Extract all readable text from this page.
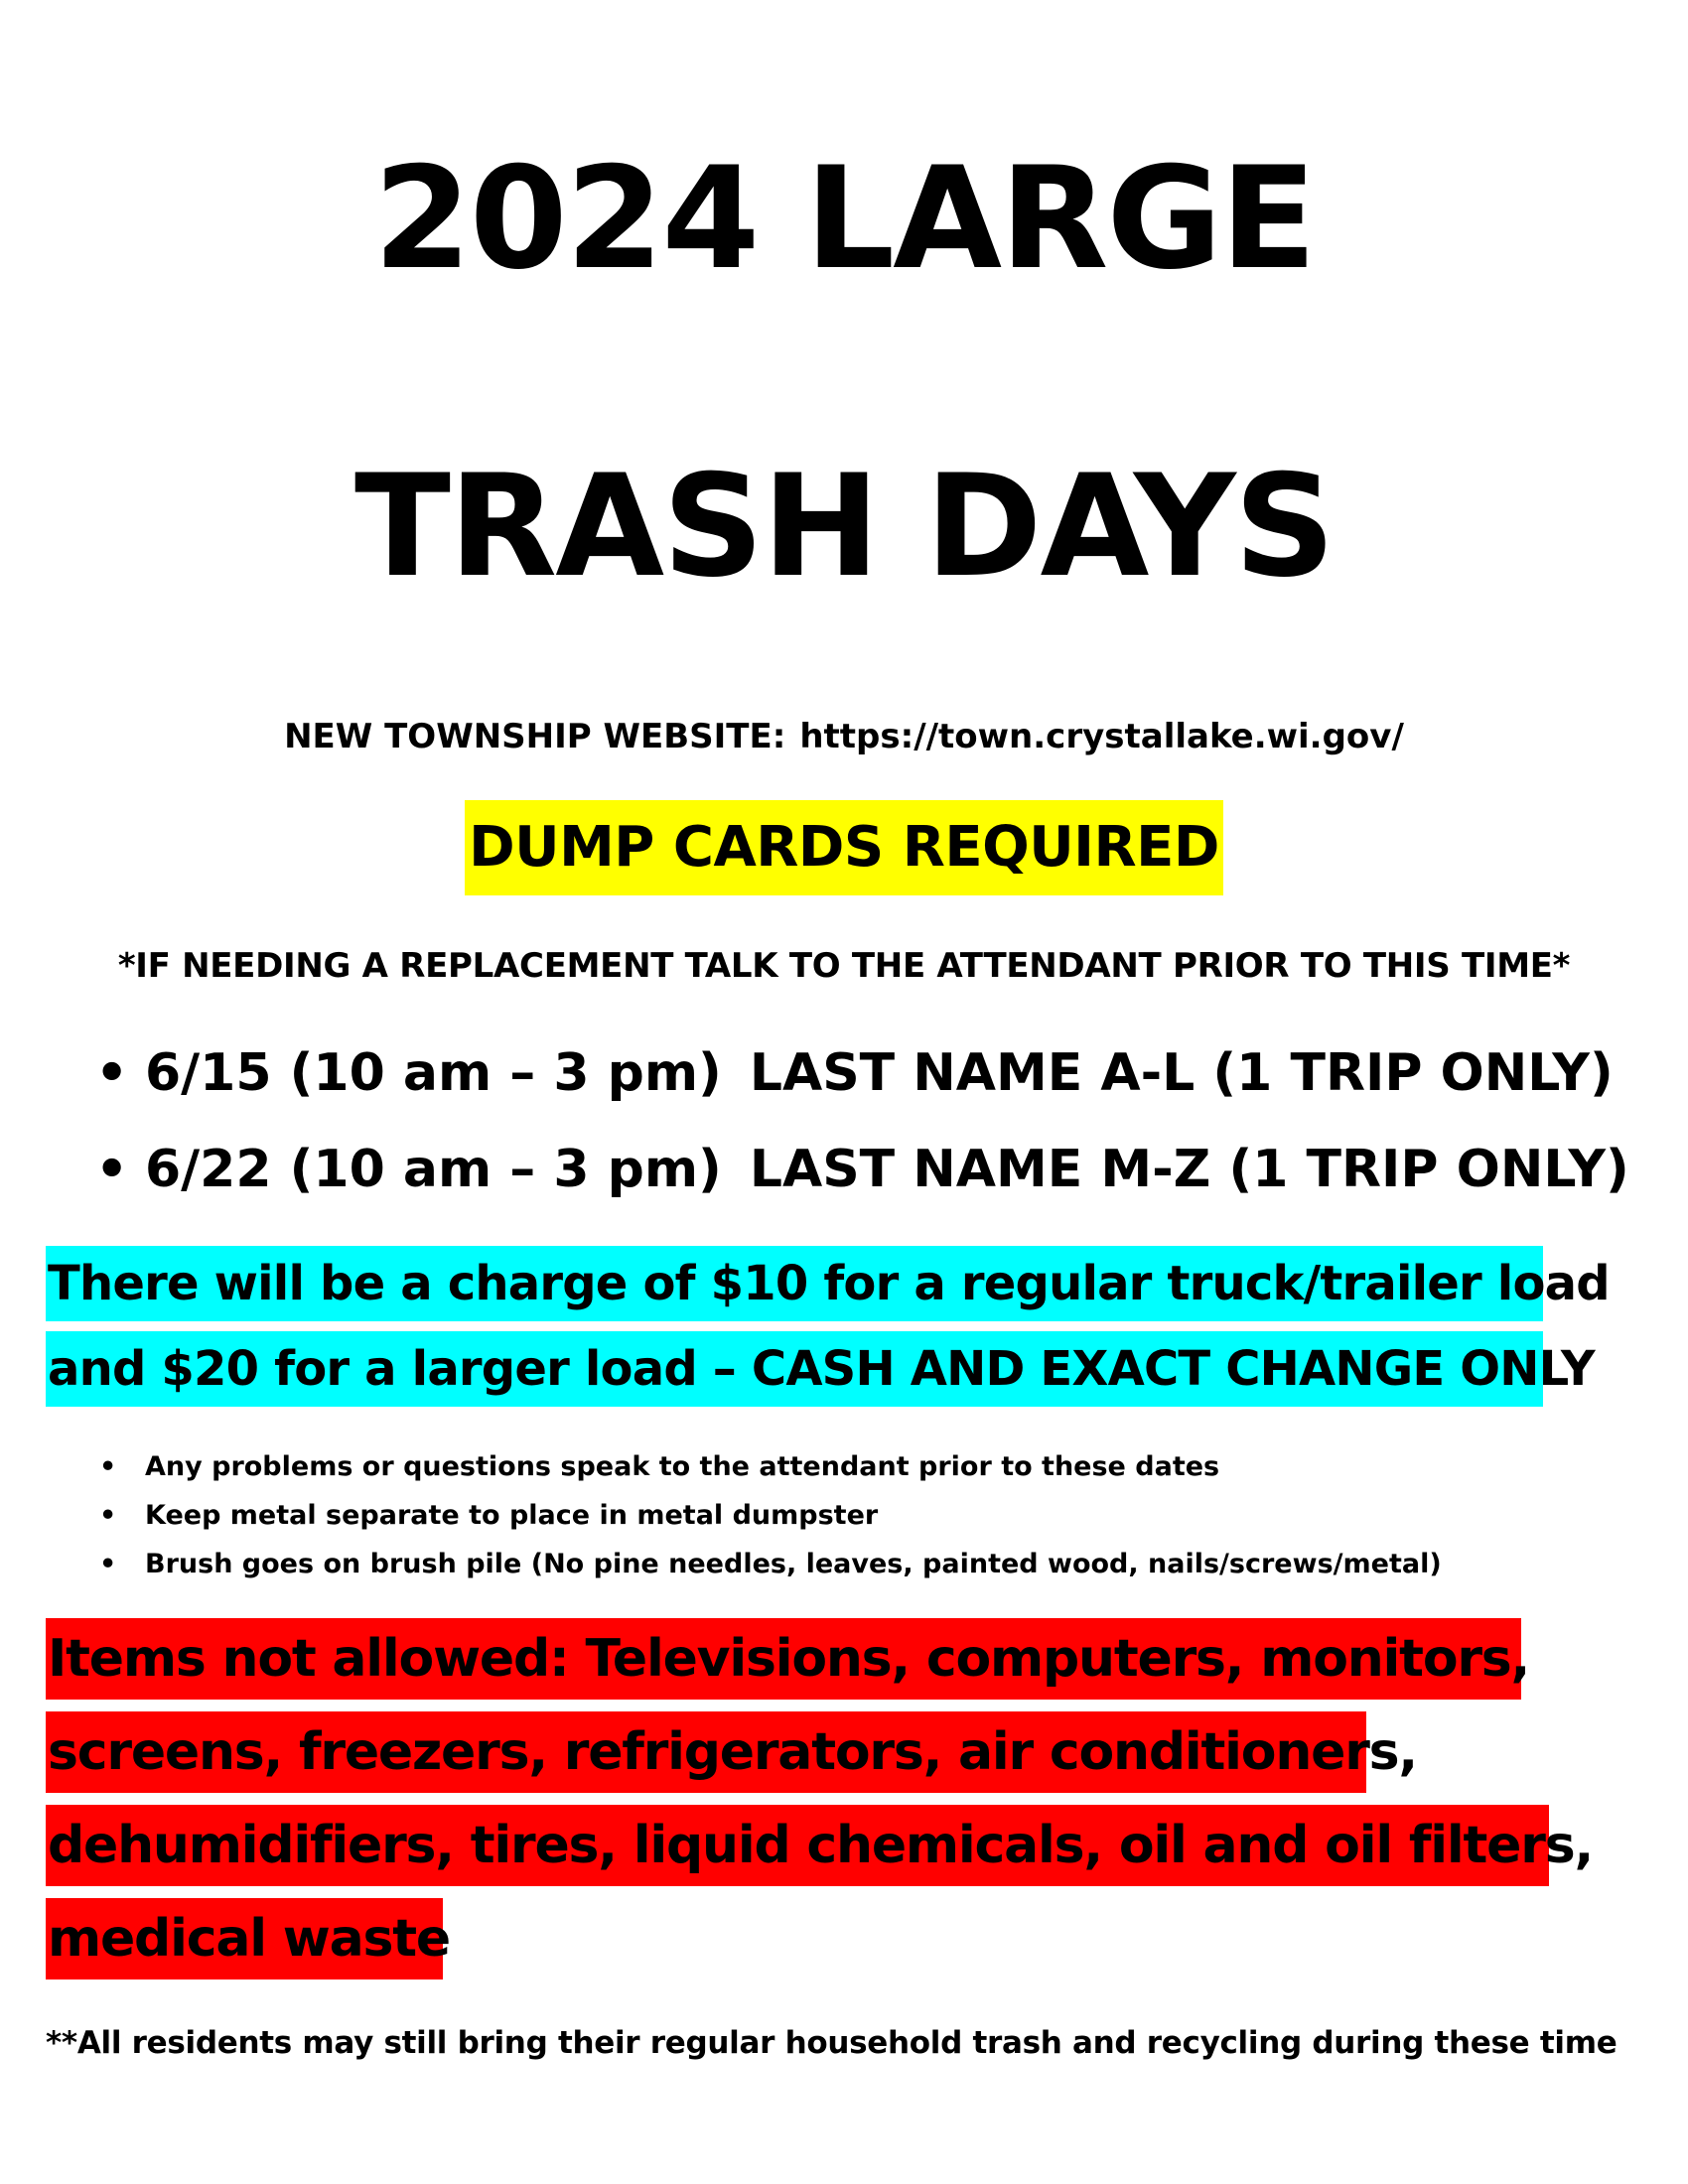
2024 LARGE
TRASH DAYS
NEW TOWNSHIP WEBSITE: https://town.crystallake.wi.gov/
DUMP CARDS REQUIRED
*IF NEEDING A REPLACEMENT TALK TO THE ATTENDANT PRIOR TO THIS TIME*
• 6/15 (10 am – 3 pm) LAST NAME A-L (1 TRIP ONLY)
• 6/22 (10 am – 3 pm) LAST NAME M-Z (1 TRIP ONLY)
There will be a charge of $10 for a regular truck/trailer load
and $20 for a larger load – CASH AND EXACT CHANGE ONLY
• Any problems or questions speak to the attendant prior to these dates
• Keep metal separate to place in metal dumpster
• Brush goes on brush pile (No pine needles, leaves, painted wood, nails/screws/metal)
Items not allowed: Televisions, computers, monitors,
screens, freezers, refrigerators, air conditioners,
dehumidifiers, tires, liquid chemicals, oil and oil filters,
medical waste
**All residents may still bring their regular household trash and recycling during these time
